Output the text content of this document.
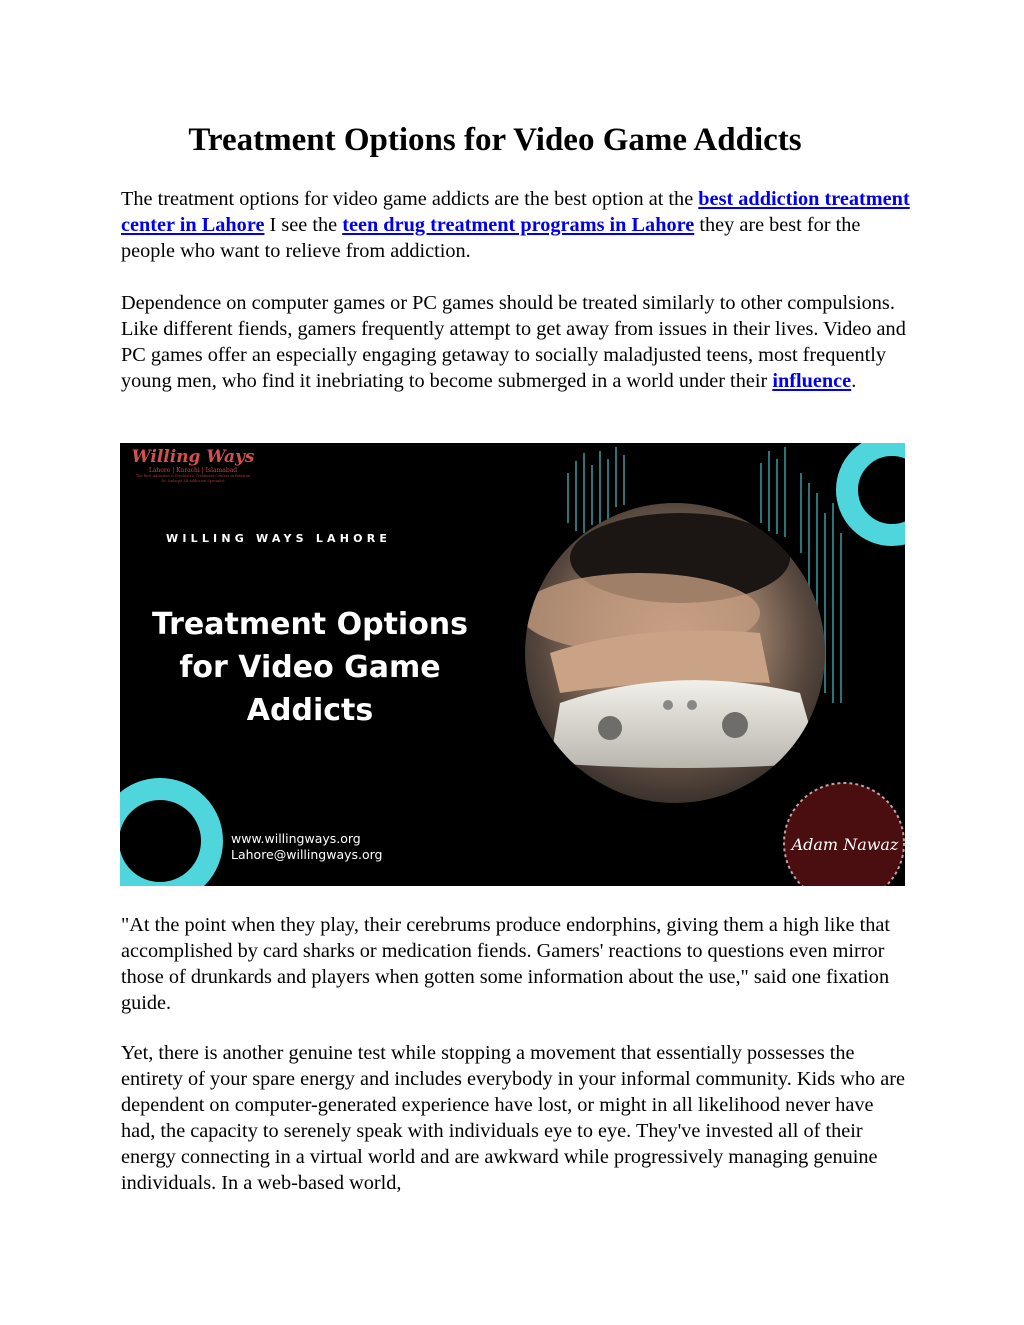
Treatment Options for Video Game Addicts

The treatment options for video game addicts are the best option at the best addiction treatment center in Lahore I see the teen drug treatment programs in Lahore they are best for the people who want to relieve from addiction.

Dependence on computer games or PC games should be treated similarly to other compulsions. Like different fiends, gamers frequently attempt to get away from issues in their lives. Video and PC games offer an especially engaging getaway to socially maladjusted teens, most frequently young men, who find it inebriating to become submerged in a world under their influence.

Willing Ways
Lahore | Karachi | Islamabad
The Best Addiction & Psychiatric Treatment Centers in Pakistan
Dr. Sadaqat Ali Addiction Specialist
WILLING WAYS LAHORE
Treatment Options
for Video Game
Addicts
www.willingways.org
Lahore@willingways.org
Adam Nawaz

"At the point when they play, their cerebrums produce endorphins, giving them a high like that accomplished by card sharks or medication fiends. Gamers' reactions to questions even mirror those of drunkards and players when gotten some information about the use," said one fixation guide.

Yet, there is another genuine test while stopping a movement that essentially possesses the entirety of your spare energy and includes everybody in your informal community. Kids who are dependent on computer-generated experience have lost, or might in all likelihood never have had, the capacity to serenely speak with individuals eye to eye. They've invested all of their energy connecting in a virtual world and are awkward while progressively managing genuine individuals. In a web-based world,
